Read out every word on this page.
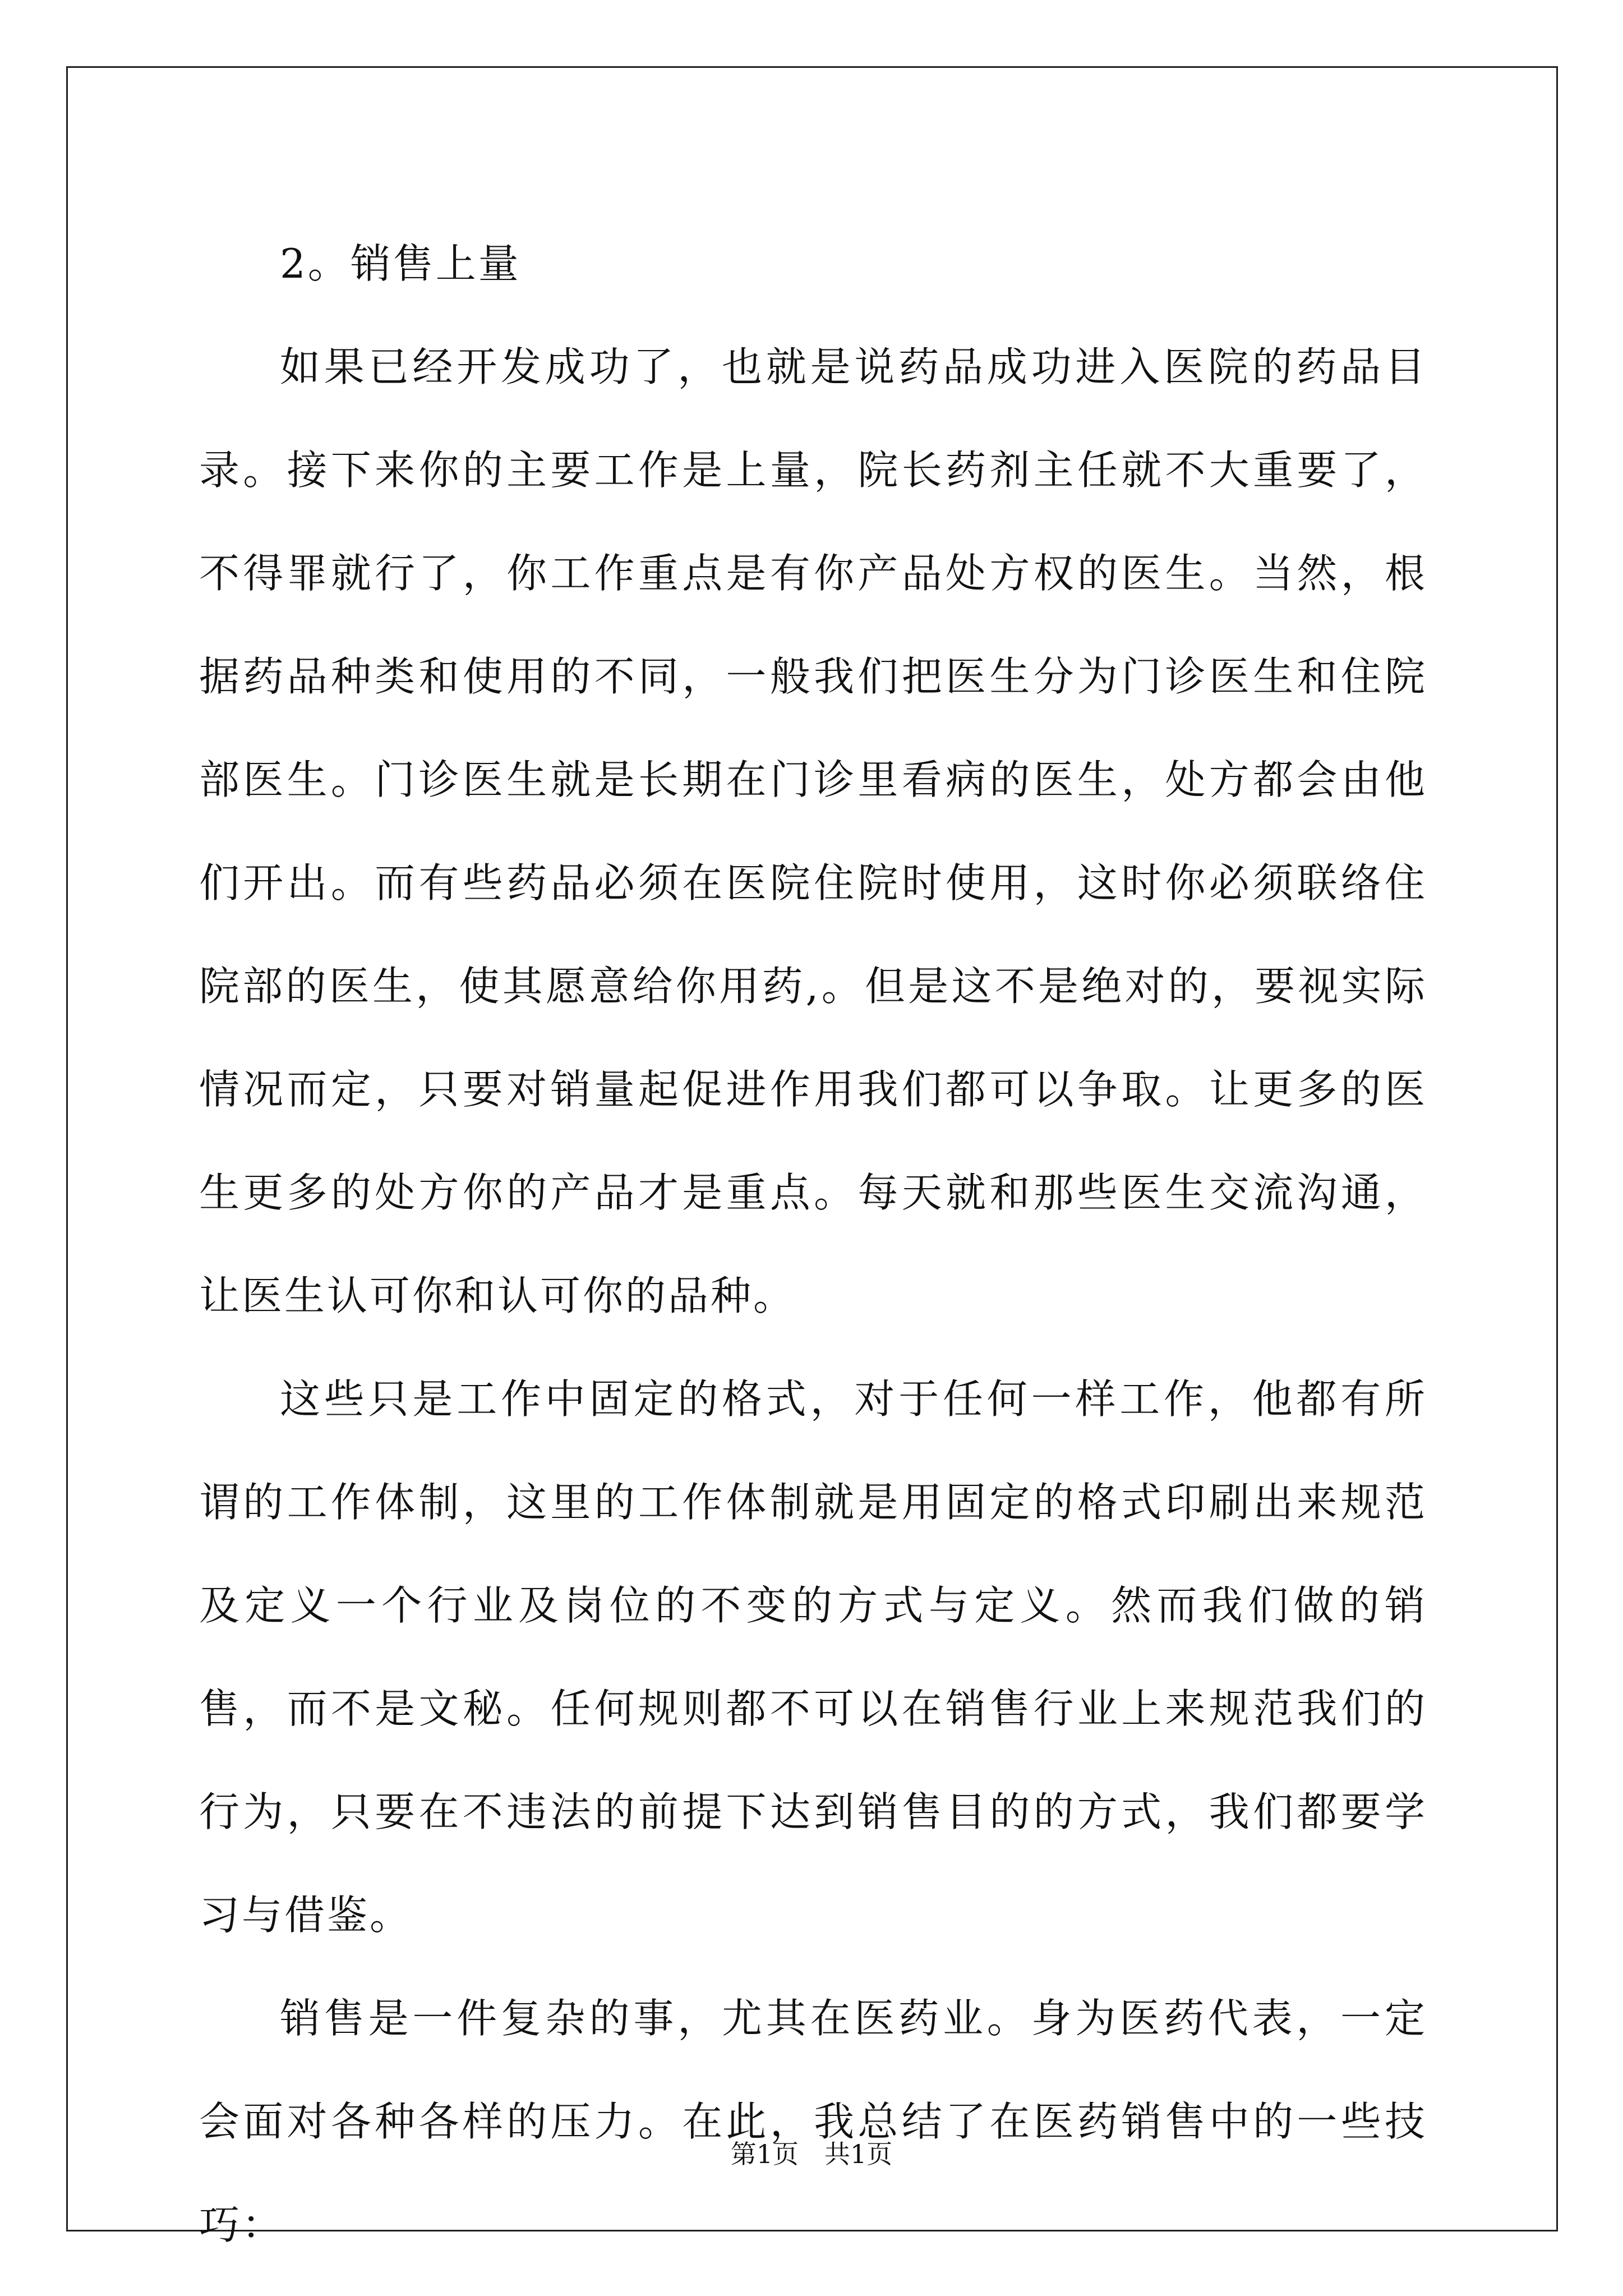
2。销售上量

如果已经开发成功了，也就是说药品成功进入医院的药品目录。接下来你的主要工作是上量，院长药剂主任就不大重要了，不得罪就行了，你工作重点是有你产品处方权的医生。当然，根据药品种类和使用的不同，一般我们把医生分为门诊医生和住院部医生。门诊医生就是长期在门诊里看病的医生，处方都会由他们开出。而有些药品必须在医院住院时使用，这时你必须联络住院部的医生，使其愿意给你用药,。但是这不是绝对的，要视实际情况而定，只要对销量起促进作用我们都可以争取。让更多的医生更多的处方你的产品才是重点。每天就和那些医生交流沟通，让医生认可你和认可你的品种。

这些只是工作中固定的格式，对于任何一样工作，他都有所谓的工作体制，这里的工作体制就是用固定的格式印刷出来规范及定义一个行业及岗位的不变的方式与定义。然而我们做的销售，而不是文秘。任何规则都不可以在销售行业上来规范我们的行为，只要在不违法的前提下达到销售目的的方式，我们都要学习与借鉴。

销售是一件复杂的事，尤其在医药业。身为医药代表，一定会面对各种各样的压力。在此，我总结了在医药销售中的一些技巧：

第1页　共1页
